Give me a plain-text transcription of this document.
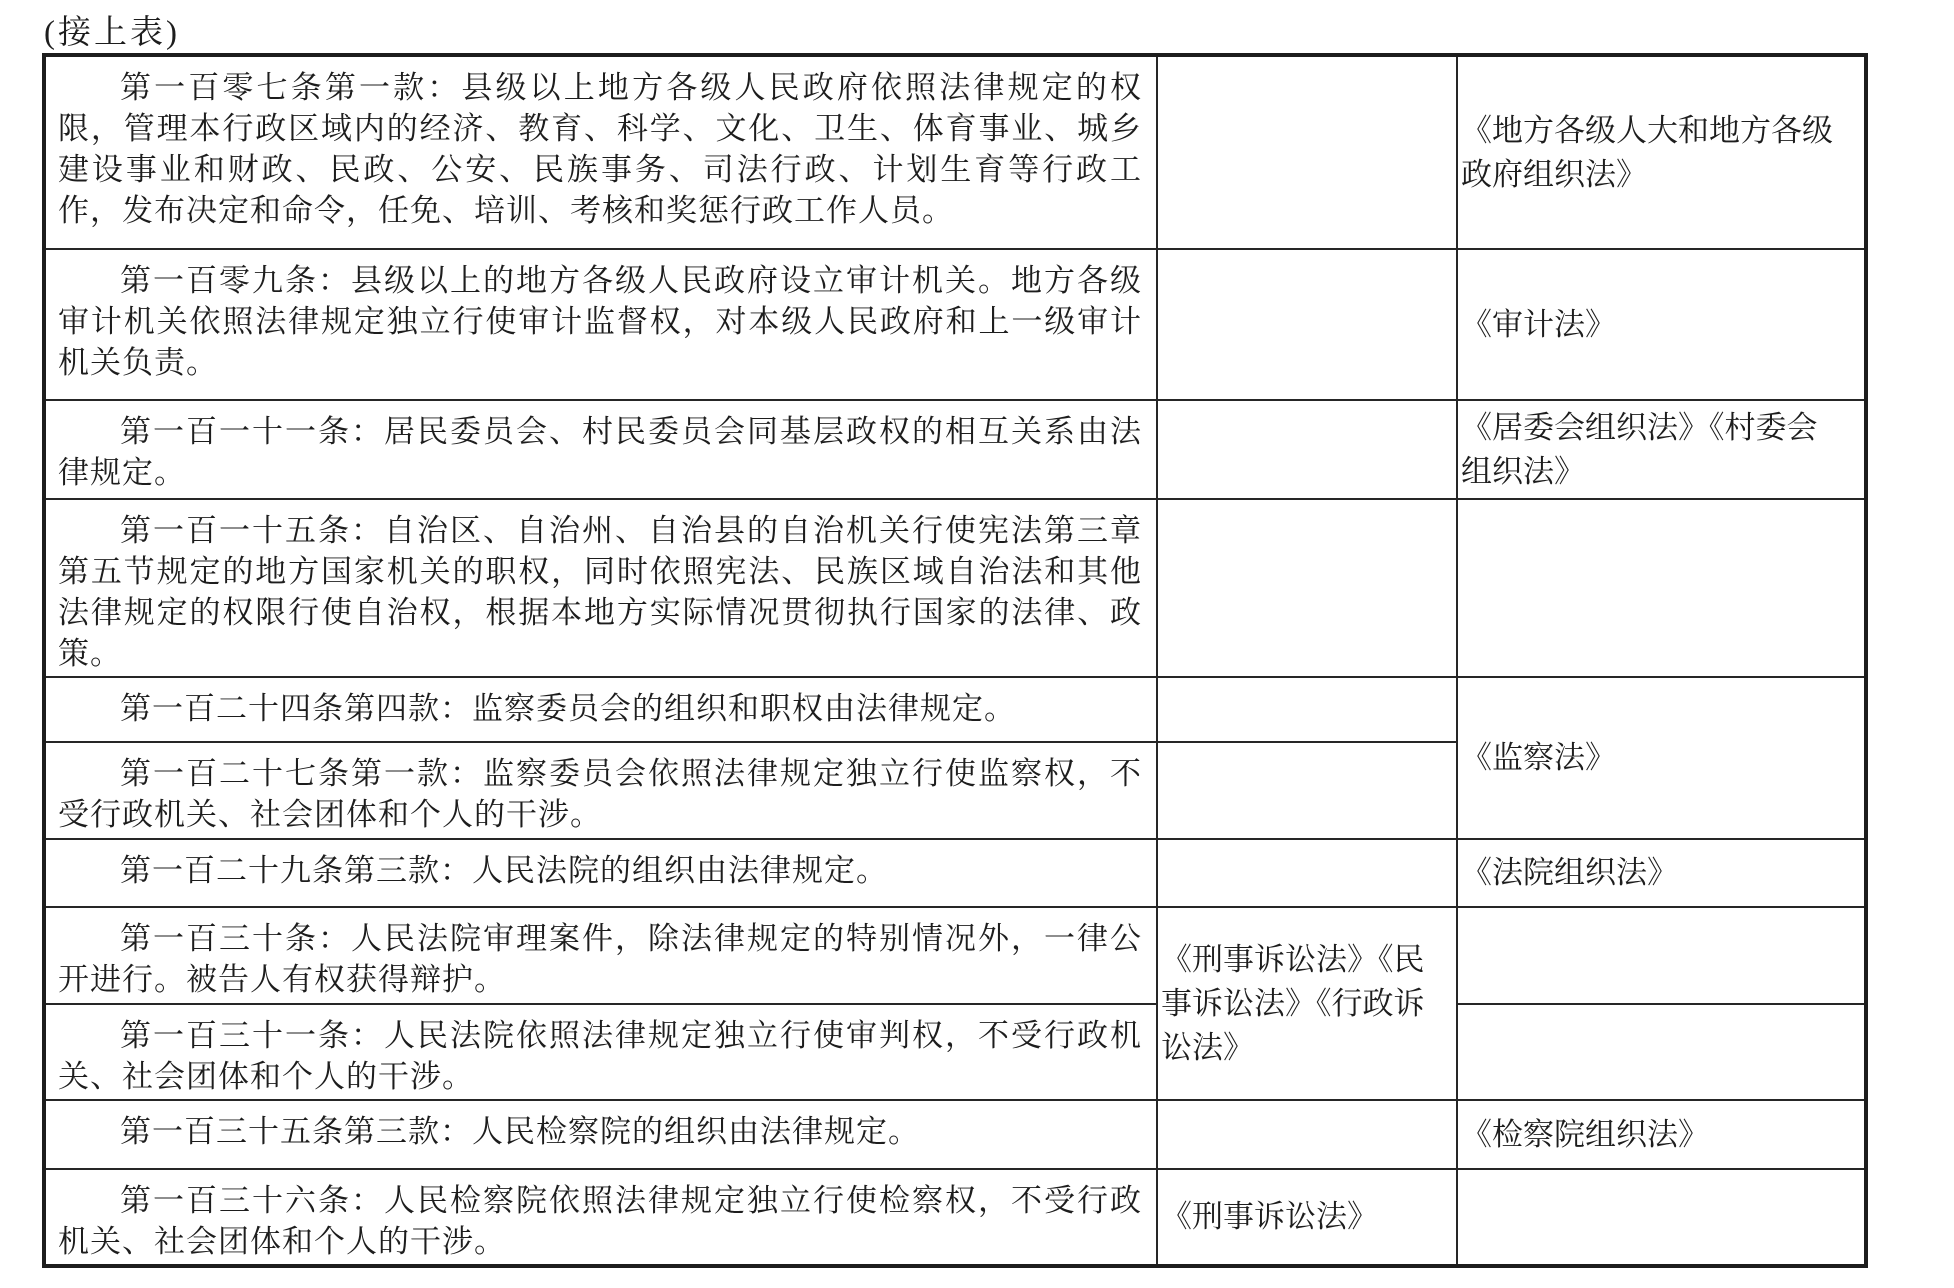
(接上表)
第一百零七条第一款：县级以上地方各级人民政府依照法律规定的权限，管理本行政区域内的经济、教育、科学、文化、卫生、体育事业、城乡建设事业和财政、民政、公安、民族事务、司法行政、计划生育等行政工作，发布决定和命令，任免、培训、考核和奖惩行政工作人员。		《地方各级人大和地方各级政府组织法》

第一百零九条：县级以上的地方各级人民政府设立审计机关。地方各级审计机关依照法律规定独立行使审计监督权，对本级人民政府和上一级审计机关负责。		《审计法》

第一百一十一条：居民委员会、村民委员会同基层政权的相互关系由法律规定。		《居委会组织法》《村委会组织法》

第一百一十五条：自治区、自治州、自治县的自治机关行使宪法第三章第五节规定的地方国家机关的职权，同时依照宪法、民族区域自治法和其他法律规定的权限行使自治权，根据本地方实际情况贯彻执行国家的法律、政策。		

第一百二十四条第四款：监察委员会的组织和职权由法律规定。		《监察法》

第一百二十七条第一款：监察委员会依照法律规定独立行使监察权，不受行政机关、社会团体和个人的干涉。		

第一百二十九条第三款：人民法院的组织由法律规定。		《法院组织法》

第一百三十条：人民法院审理案件，除法律规定的特别情况外，一律公开进行。被告人有权获得辩护。	《刑事诉讼法》《民事诉讼法》《行政诉讼法》	

第一百三十一条：人民法院依照法律规定独立行使审判权，不受行政机关、社会团体和个人的干涉。		

第一百三十五条第三款：人民检察院的组织由法律规定。		《检察院组织法》

第一百三十六条：人民检察院依照法律规定独立行使检察权，不受行政机关、社会团体和个人的干涉。	《刑事诉讼法》	
